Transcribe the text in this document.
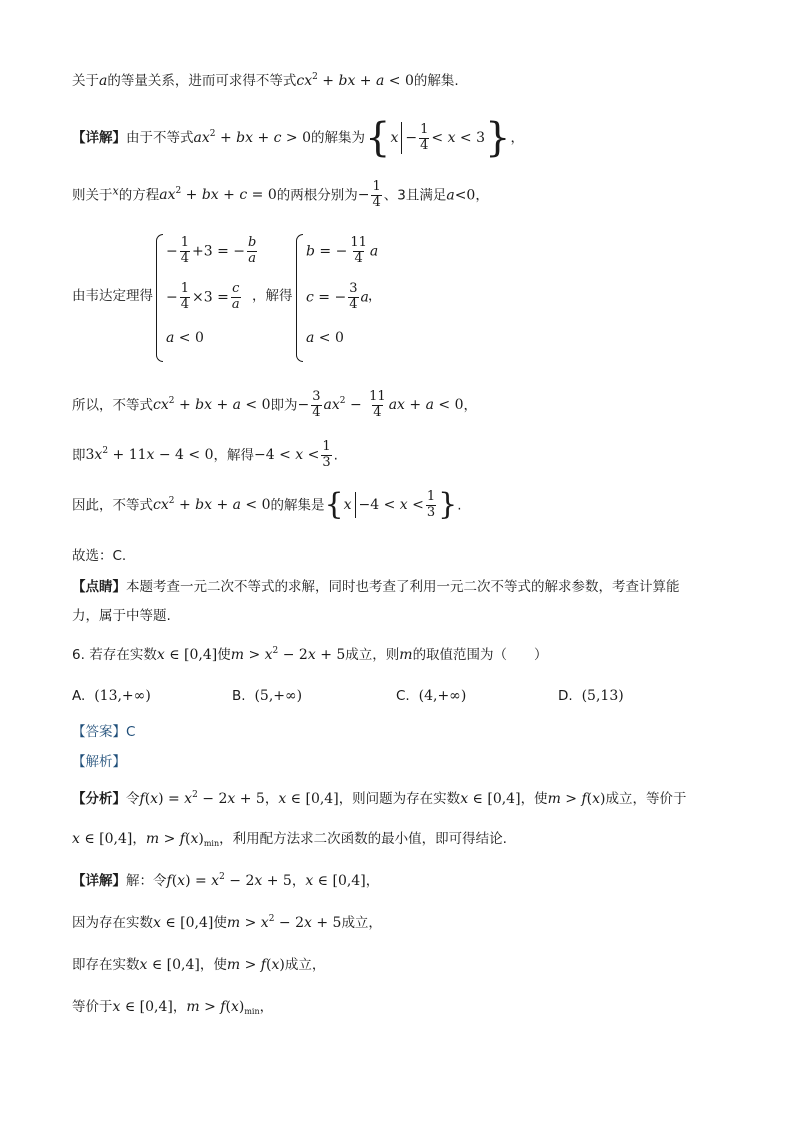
关于a的等量关系，进而可求得不等式$cx^2$ + bx + a < 0的解集.
【详解】由于不等式$ax^2$ + bx + c > 0的解集为$\{x - \frac{1}{4} < x < 3\}$，
则关于$^x$的方程$ax^2$ + bx + c = 0的两根分别为− $\frac{1}{4}$ 、3且满足a<0，
由韦达定理得
− $\frac{1}{4} +3$ = − $\frac{b}{a}$
− $\frac{1}{4} \times 3 = \frac{c}{a}$
a < 0
，解得
b = − $\frac{11}{4}$ a
c = − $\frac{3}{4}$ a
a < 0
，
所以，不等式$cx^2$ + bx + a < 0即为− $\frac{3}{4} ax^2 - \frac{11}{4}$ ax + a < 0，
即$3x^2 + 11x - 4 < 0$，解得$-4 < x < \frac{1}{3}$ .
因此，不等式$cx^2$ + bx + a < 0的解集是{$x -4 < x < \frac{1}{3}$ }.
故选：C.
【点睛】本题考查一元二次不等式的求解，同时也考查了利用一元二次不等式的解求参数，考查计算能
力，属于中等题.
6. 若存在实数x ∈ [0,4]使$m > x^2 - 2x + 5$成立，则m的取值范围为（　　）
A. (13,+∞)	B. (5,+∞)	C. (4,+∞)	D. (5,13)
【答案】C
【解析】
【分析】令$f(x) = x^2 - 2x + 5$，x ∈ [0,4]，则问题为存在实数x ∈ [0,4]，使m > f(x)成立，等价于
x ∈ [0,4]，$m > f(x)_{min}$，利用配方法求二次函数的最小值，即可得结论.
【详解】解：令$f(x) = x^2 - 2x + 5$，x ∈ [0,4]，
因为存在实数x ∈ [0,4]使$m > x^2 - 2x + 5$成立，
即存在实数x ∈ [0,4]，使m > f(x)成立，
等价于x ∈ [0,4]，$m > f(x)_{min}$，
